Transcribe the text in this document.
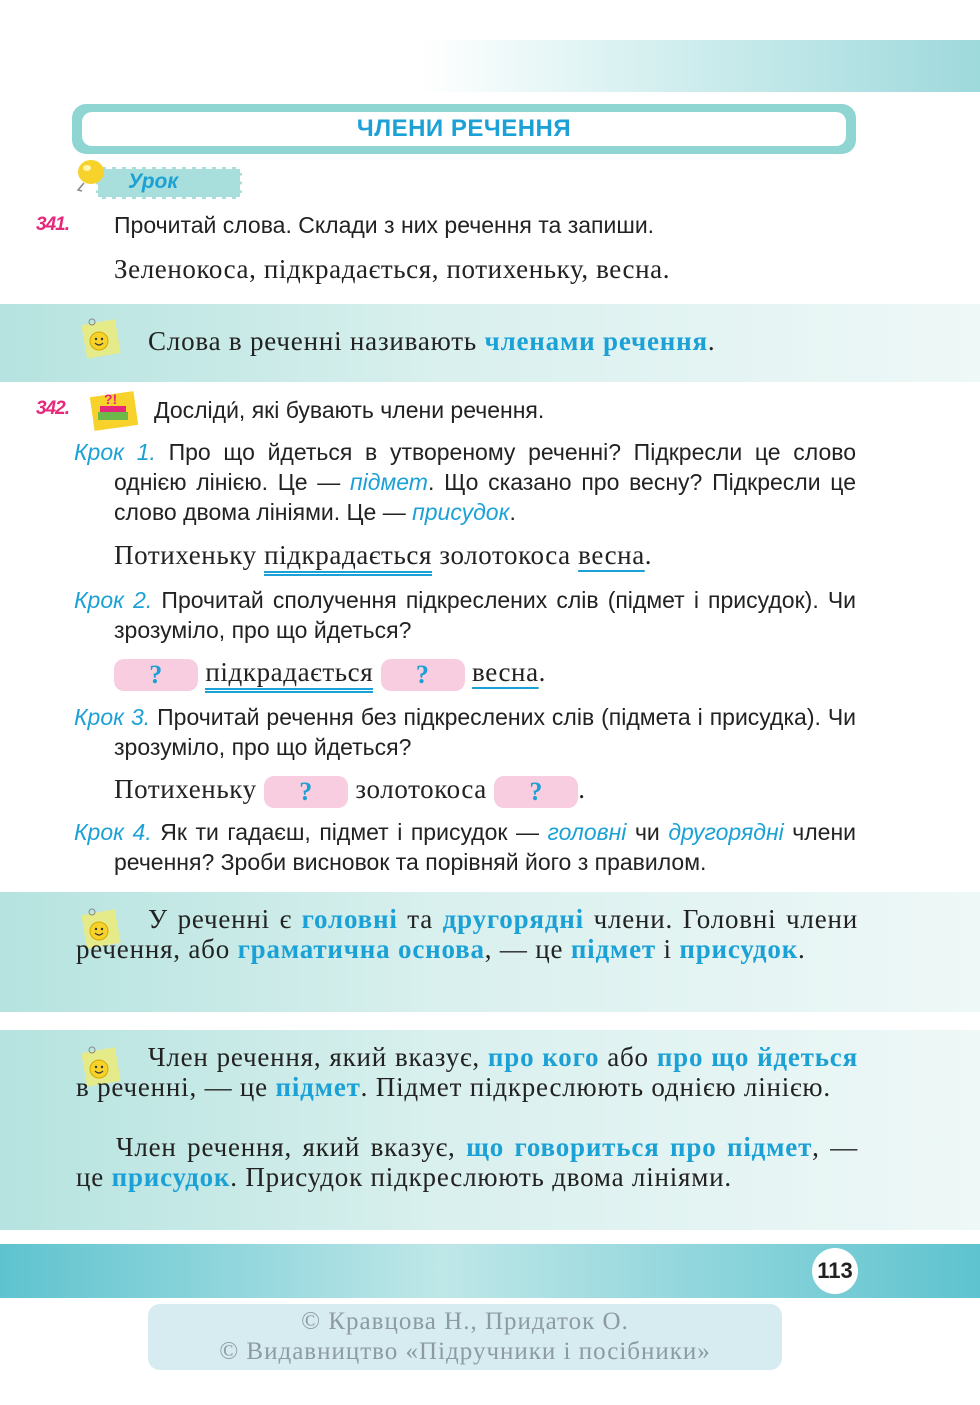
ЧЛЕНИ РЕЧЕННЯ
Урок
341. Прочитай слова. Склади з них речення та запиши.
Зеленокоса, підкрадається, потихеньку, весна.
Слова в реченні називають членами речення.
342.	?! Досліди́, які бувають члени речення.
Крок 1. Про що йдеться в утвореному реченні? Підкресли це слово однією лінією. Це — підмет. Що сказано про весну? Підкресли це слово двома лініями. Це — присудок.
Потихеньку підкрадається золотокоса весна.
Крок 2. Прочитай сполучення підкреслених слів (підмет і присудок). Чи зрозуміло, про що йдеться?
? підкрадається ? весна.
Крок 3. Прочитай речення без підкреслених слів (підмета і присудка). Чи зрозуміло, про що йдеться?
Потихеньку ? золотокоса ? .
Крок 4. Як ти гадаєш, підмет і присудок — головні чи другорядні члени речення? Зроби висновок та порівняй його з правилом.
У реченні є головні та другорядні члени. Головні члени речення, або граматична основа, — це підмет і присудок.
Член речення, який вказує, про кого або про що йдеться в реченні, — це підмет. Підмет підкреслюють однією лінією.
Член речення, який вказує, що говориться про підмет, — це присудок. Присудок підкреслюють двома лініями.
113
© Кравцова Н., Придаток О.
© Видавництво «Підручники і посібники»
